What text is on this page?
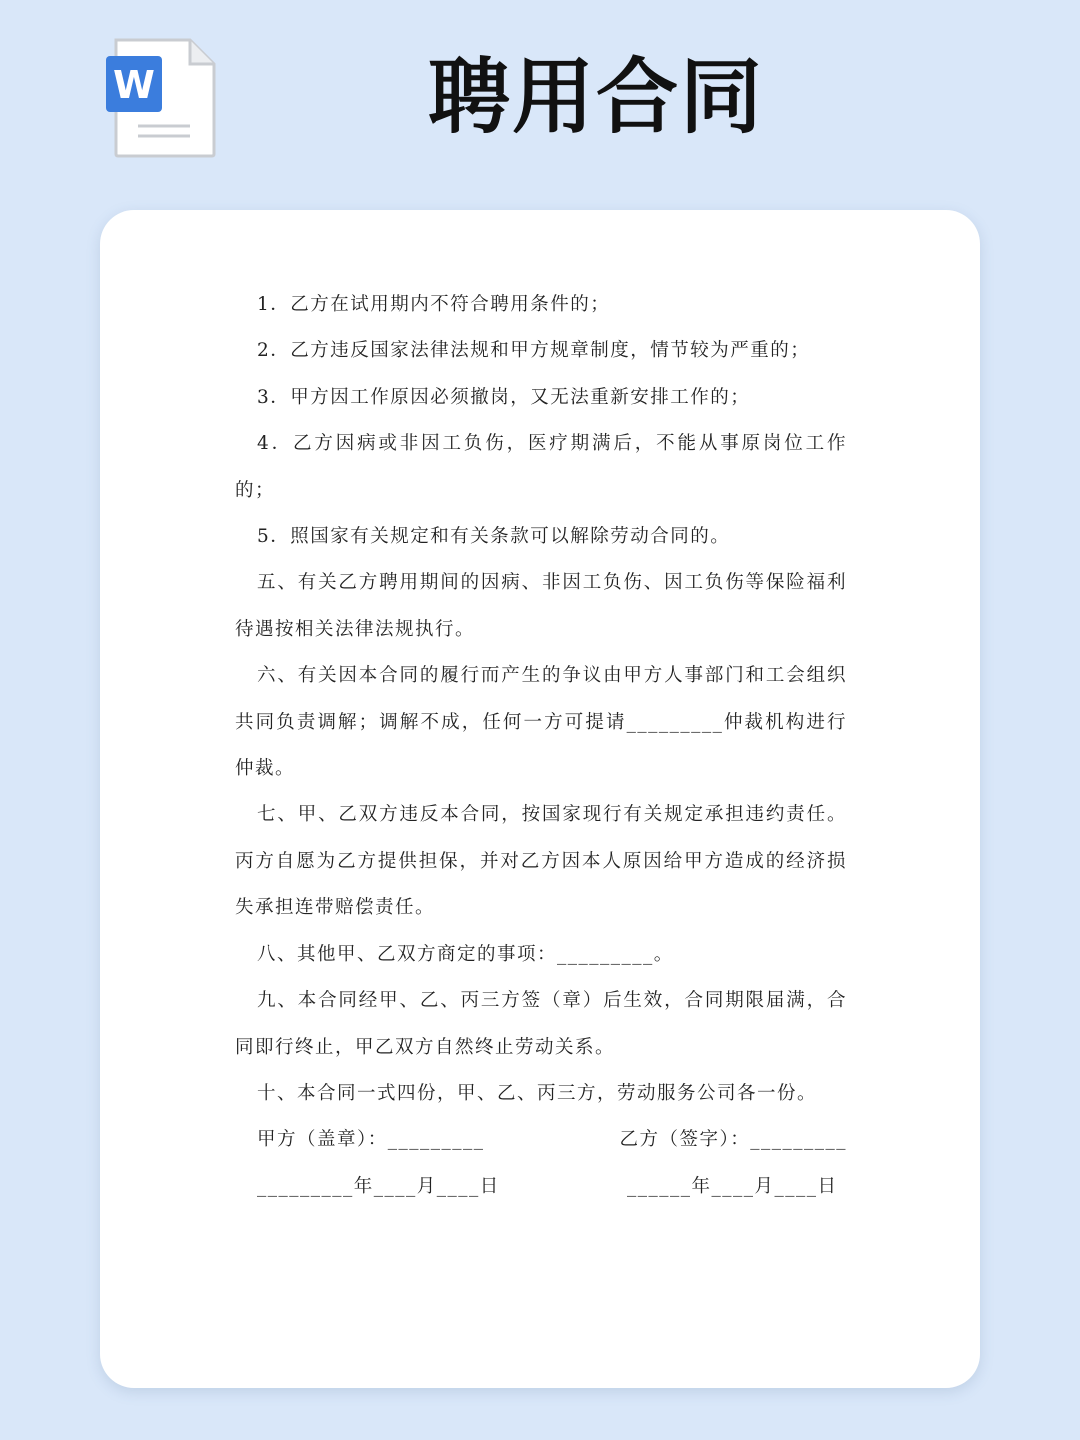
W	聘用合同

1．乙方在试用期内不符合聘用条件的；

2．乙方违反国家法律法规和甲方规章制度，情节较为严重的；

3．甲方因工作原因必须撤岗，又无法重新安排工作的；

4．乙方因病或非因工负伤，医疗期满后，不能从事原岗位工作的；

5．照国家有关规定和有关条款可以解除劳动合同的。

五、有关乙方聘用期间的因病、非因工负伤、因工负伤等保险福利待遇按相关法律法规执行。

六、有关因本合同的履行而产生的争议由甲方人事部门和工会组织共同负责调解；调解不成，任何一方可提请_________仲裁机构进行仲裁。

七、甲、乙双方违反本合同，按国家现行有关规定承担违约责任。丙方自愿为乙方提供担保，并对乙方因本人原因给甲方造成的经济损失承担连带赔偿责任。

八、其他甲、乙双方商定的事项：_________。

九、本合同经甲、乙、丙三方签（章）后生效，合同期限届满，合同即行终止，甲乙双方自然终止劳动关系。

十、本合同一式四份，甲、乙、丙三方，劳动服务公司各一份。

甲方（盖章）：_________	乙方（签字）：_________
_________年____月____日	______年____月____日
